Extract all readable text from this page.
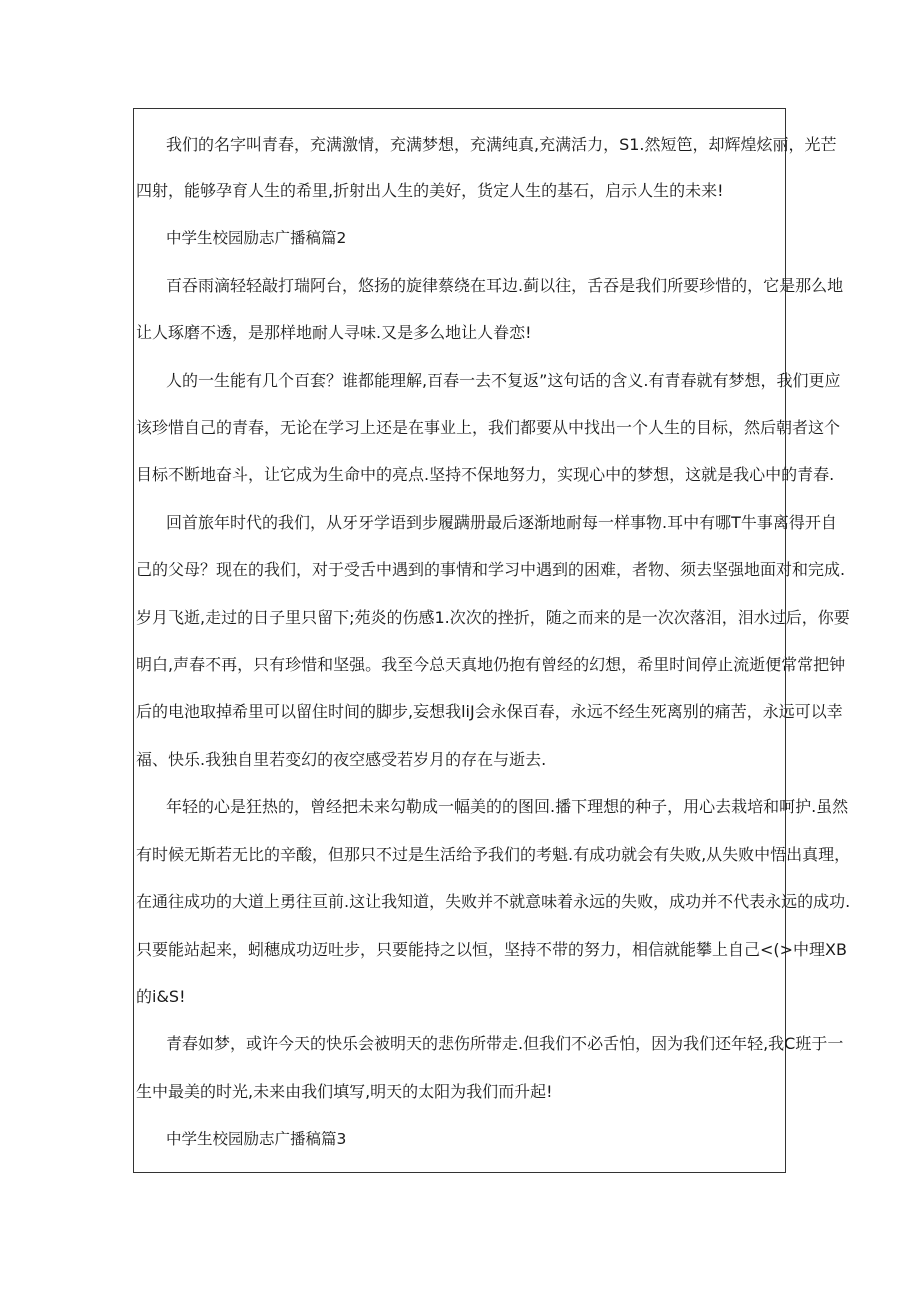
我们的名字叫青春，充满激情，充满梦想，充满纯真,充满活力，S1.然短笆，却辉煌炫丽，光芒
四射，能够孕育人生的希里,折射出人生的美好，货定人生的基石，启示人生的未来!
中学生校园励志广播稿篇2
百吞雨滴轻轻敲打瑞阿台，悠扬的旋律蔡绕在耳边.蓟以往，舌吞是我们所要珍惜的，它是那么地
让人琢磨不透，是那样地耐人寻味.又是多么地让人眷恋!
人的一生能有几个百套？谁都能理解,百春一去不复返”这句话的含义.有青春就有梦想，我们更应
该珍惜自己的青春，无论在学习上还是在事业上，我们都要从中找出一个人生的目标，然后朝者这个
目标不断地奋斗，让它成为生命中的亮点.坚持不保地努力，实现心中的梦想，这就是我心中的青春.
回首旅年时代的我们，从牙牙学语到步履蹒册最后逐渐地耐每一样事物.耳中有哪T牛事离得开自
己的父母？现在的我们，对于受舌中遇到的事情和学习中遇到的困难，者物、须去坚强地面对和完成.
岁月飞逝,走过的日子里只留下;苑炎的伤感1.次次的挫折，随之而来的是一次次落泪，泪水过后，你要
明白,声春不再，只有珍惜和坚强。我至今总天真地仍抱有曾经的幻想，希里时间停止流逝便常常把钟
后的电池取掉希里可以留住时间的脚步,妄想我liJ会永保百春，永远不经生死离别的痛苦，永远可以幸
福、快乐.我独自里若变幻的夜空感受若岁月的存在与逝去.
年轻的心是狂热的，曾经把未来勾勒成一幅美的的图回.播下理想的种子，用心去栽培和呵护.虽然
有时候无斯若无比的辛酸，但那只不过是生活给予我们的考魁.有成功就会有失败,从失败中悟出真理，
在通往成功的大道上勇往亘前.这让我知道，失败并不就意味着永远的失败，成功并不代表永远的成功.
只要能站起来，蚓穗成功迈吐步，只要能持之以恒，坚持不带的努力，相信就能攀上自己<(>中理XB
的i&S!
青春如梦，或许今天的快乐会被明天的悲伤所带走.但我们不必舌怕，因为我们还年轻,我C班于一
生中最美的时光,未来由我们填写,明天的太阳为我们而升起!
中学生校园励志广播稿篇3
